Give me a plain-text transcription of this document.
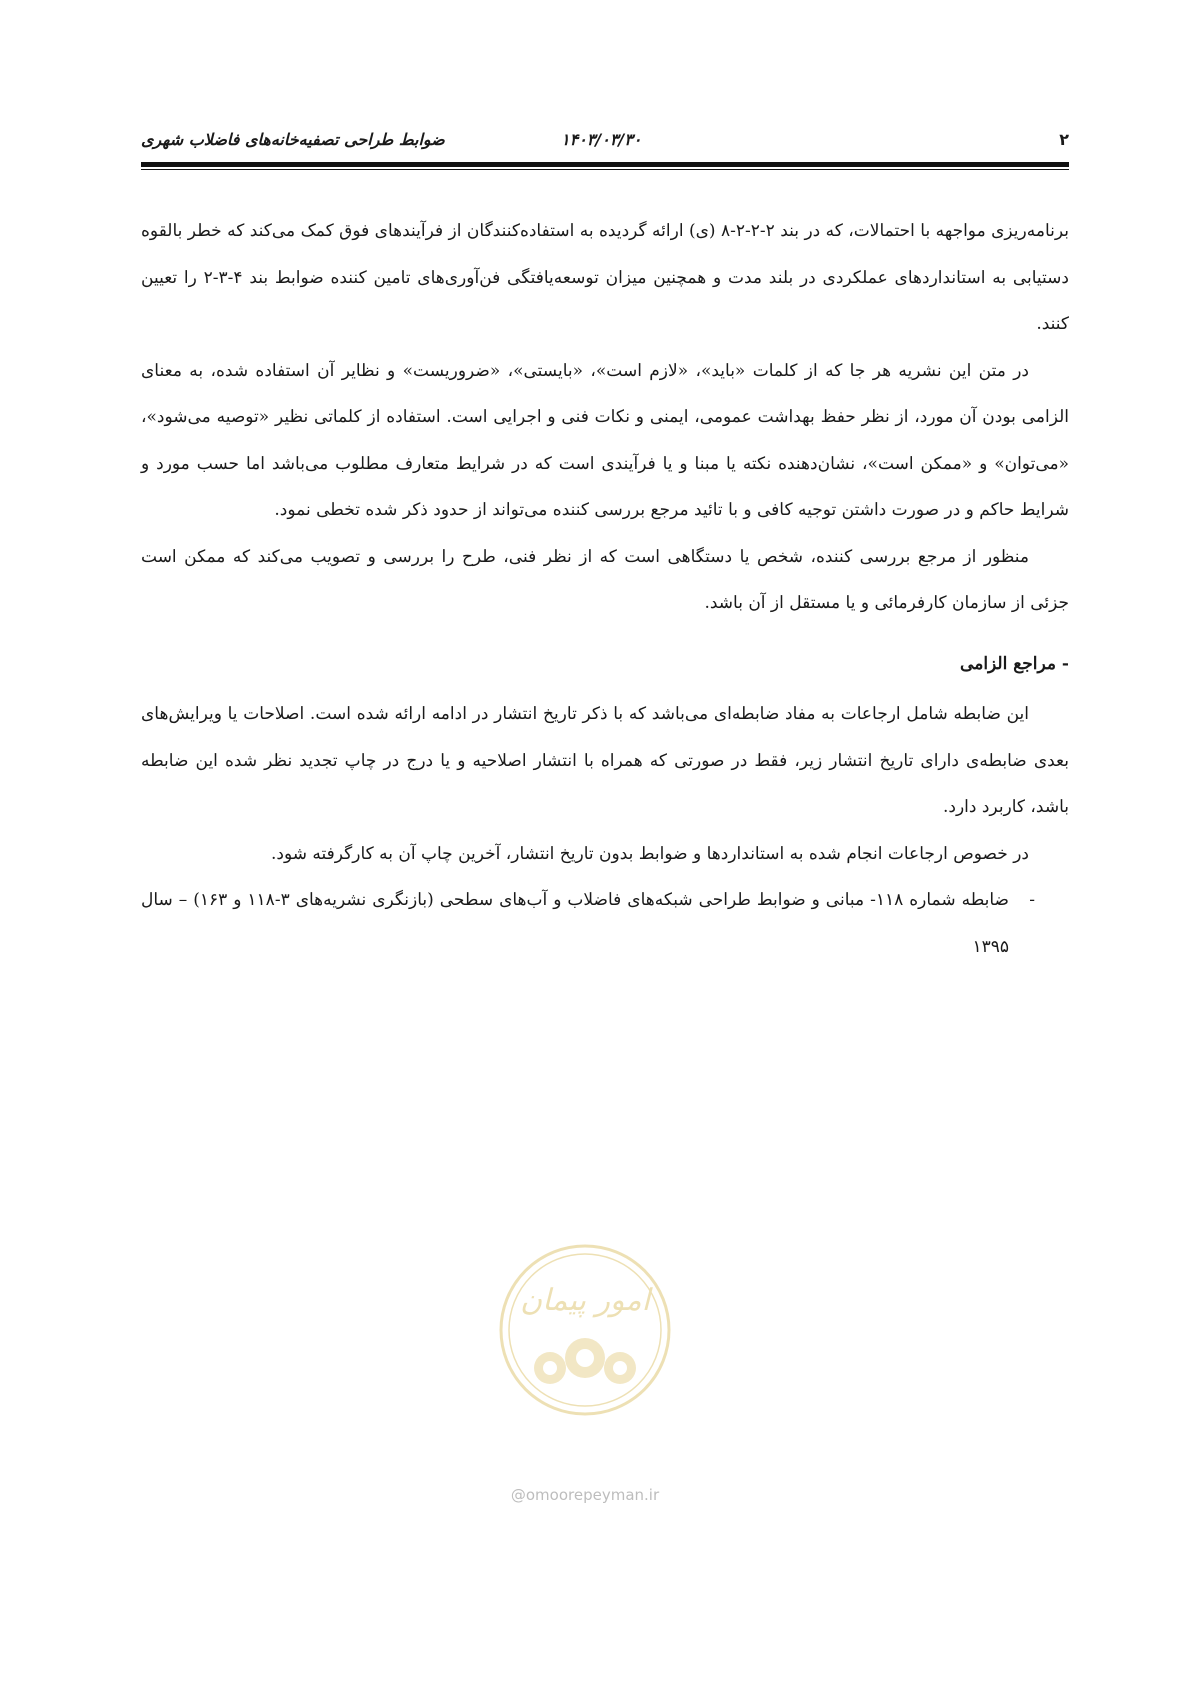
۲
۱۴۰۳/۰۳/۳۰
ضوابط طراحی تصفیه‌خانه‌های فاضلاب شهری

برنامه‌ریزی مواجهه با احتمالات، که در بند ۲-۲-۲-۸ (ی) ارائه گردیده به استفاده‌کنندگان از فرآیندهای فوق کمک می‌کند که خطر بالقوه دستیابی به استانداردهای عملکردی در بلند مدت و همچنین میزان توسعه‌یافتگی فن‌آوری‌های تامین کننده ضوابط بند ۴-۳-۲ را تعیین کنند.

در متن این نشریه هر جا که از کلمات «باید»، «لازم است»، «بایستی»، «ضروریست» و نظایر آن استفاده شده، به معنای الزامی بودن آن مورد، از نظر حفظ بهداشت عمومی، ایمنی و نکات فنی و اجرایی است. استفاده از کلماتی نظیر «توصیه می‌شود»، «می‌توان» و «ممکن است»، نشان‌دهنده نکته یا مبنا و یا فرآیندی است که در شرایط متعارف مطلوب می‌باشد اما حسب مورد و شرایط حاکم و در صورت داشتن توجیه کافی و با تائید مرجع بررسی کننده می‌تواند از حدود ذکر شده تخطی نمود.

منظور از مرجع بررسی کننده، شخص یا دستگاهی است که از نظر فنی، طرح را بررسی و تصویب می‌کند که ممکن است جزئی از سازمان کارفرمائی و یا مستقل از آن باشد.

- مراجع الزامی

این ضابطه شامل ارجاعات به مفاد ضابطه‌ای می‌باشد که با ذکر تاریخ انتشار در ادامه ارائه شده است. اصلاحات یا ویرایش‌های بعدی ضابطه‌ی دارای تاریخ انتشار زیر، فقط در صورتی که همراه با انتشار اصلاحیه و یا درج در چاپ تجدید نظر شده این ضابطه باشد، کاربرد دارد.

در خصوص ارجاعات انجام شده به استانداردها و ضوابط بدون تاریخ انتشار، آخرین چاپ آن به کارگرفته شود.

-
ضابطه شماره ۱۱۸- مبانی و ضوابط طراحی شبکه‌های فاضلاب و آب‌های سطحی (بازنگری نشریه‌های ۳-۱۱۸ و ۱۶۳) – سال ۱۳۹۵

امور پیمان
@omoorepeyman.ir
